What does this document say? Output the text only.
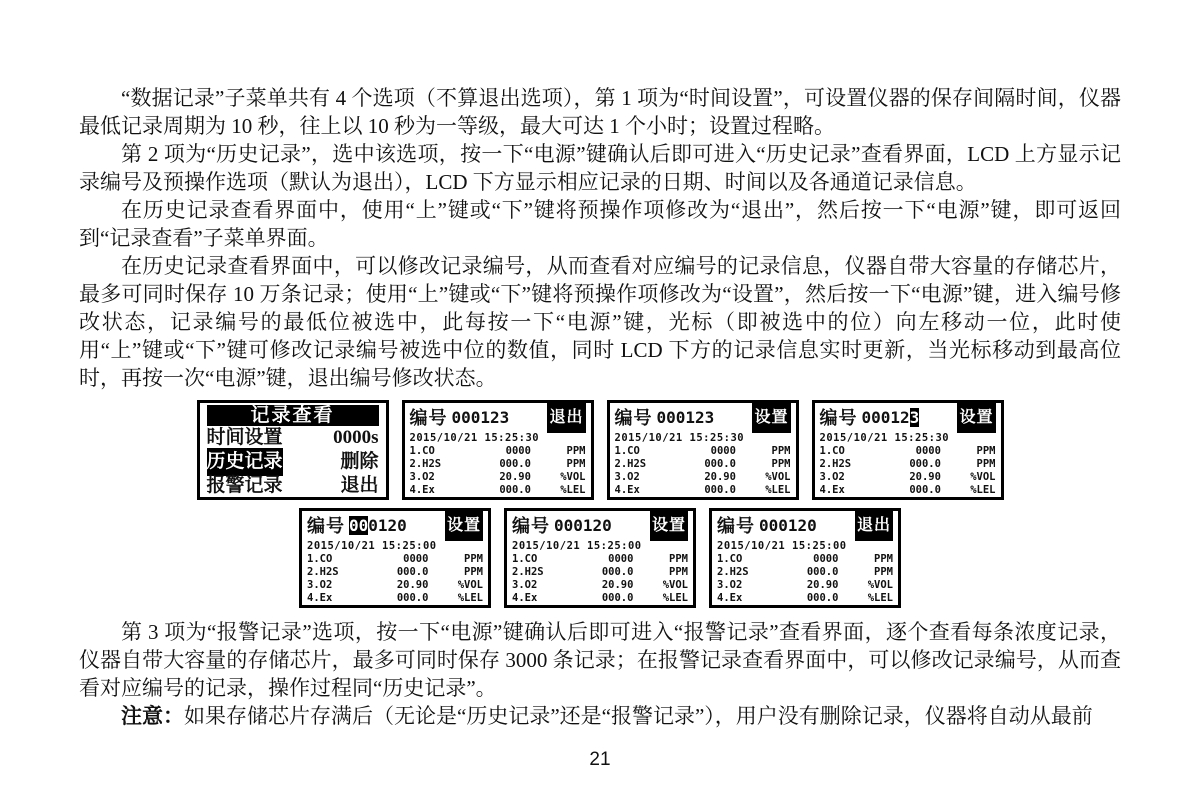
“数据记录”子菜单共有 4 个选项（不算退出选项），第 1 项为“时间设置”，可设置仪器的保存间隔时间，仪器最低记录周期为 10 秒，往上以 10 秒为一等级，最大可达 1 个小时；设置过程略。

第 2 项为“历史记录”，选中该选项，按一下“电源”键确认后即可进入“历史记录”查看界面，LCD 上方显示记录编号及预操作选项（默认为退出），LCD 下方显示相应记录的日期、时间以及各通道记录信息。

在历史记录查看界面中，使用“上”键或“下”键将预操作项修改为“退出”，然后按一下“电源”键，即可返回到“记录查看”子菜单界面。

在历史记录查看界面中，可以修改记录编号，从而查看对应编号的记录信息，仪器自带大容量的存储芯片，最多可同时保存 10 万条记录；使用“上”键或“下”键将预操作项修改为“设置”，然后按一下“电源”键，进入编号修改状态，记录编号的最低位被选中，此每按一下“电源”键，光标（即被选中的位）向左移动一位，此时使用“上”键或“下”键可修改记录编号被选中位的数值，同时 LCD 下方的记录信息实时更新，当光标移动到最高位时，再按一次“电源”键，退出编号修改状态。

记录查看
时间设置	0000s
历史记录	删除
报警记录	退出
编号 000123	退出
2015/10/21 15:25:30
1.CO	0000	PPM
2.H2S	000.0	PPM
3.O2	20.90	%VOL
4.Ex	000.0	%LEL
编号 000123	设置
2015/10/21 15:25:30
1.CO	0000	PPM
2.H2S	000.0	PPM
3.O2	20.90	%VOL
4.Ex	000.0	%LEL
编号 000123	设置
2015/10/21 15:25:30
1.CO	0000	PPM
2.H2S	000.0	PPM
3.O2	20.90	%VOL
4.Ex	000.0	%LEL
编号 000120	设置
2015/10/21 15:25:00
1.CO	0000	PPM
2.H2S	000.0	PPM
3.O2	20.90	%VOL
4.Ex	000.0	%LEL
编号 000120	设置
2015/10/21 15:25:00
1.CO	0000	PPM
2.H2S	000.0	PPM
3.O2	20.90	%VOL
4.Ex	000.0	%LEL
编号 000120	退出
2015/10/21 15:25:00
1.CO	0000	PPM
2.H2S	000.0	PPM
3.O2	20.90	%VOL
4.Ex	000.0	%LEL

第 3 项为“报警记录”选项，按一下“电源”键确认后即可进入“报警记录”查看界面，逐个查看每条浓度记录，仪器自带大容量的存储芯片，最多可同时保存 3000 条记录；在报警记录查看界面中，可以修改记录编号，从而查看对应编号的记录，操作过程同“历史记录”。

注意：如果存储芯片存满后（无论是“历史记录”还是“报警记录”），用户没有删除记录，仪器将自动从最前

21
